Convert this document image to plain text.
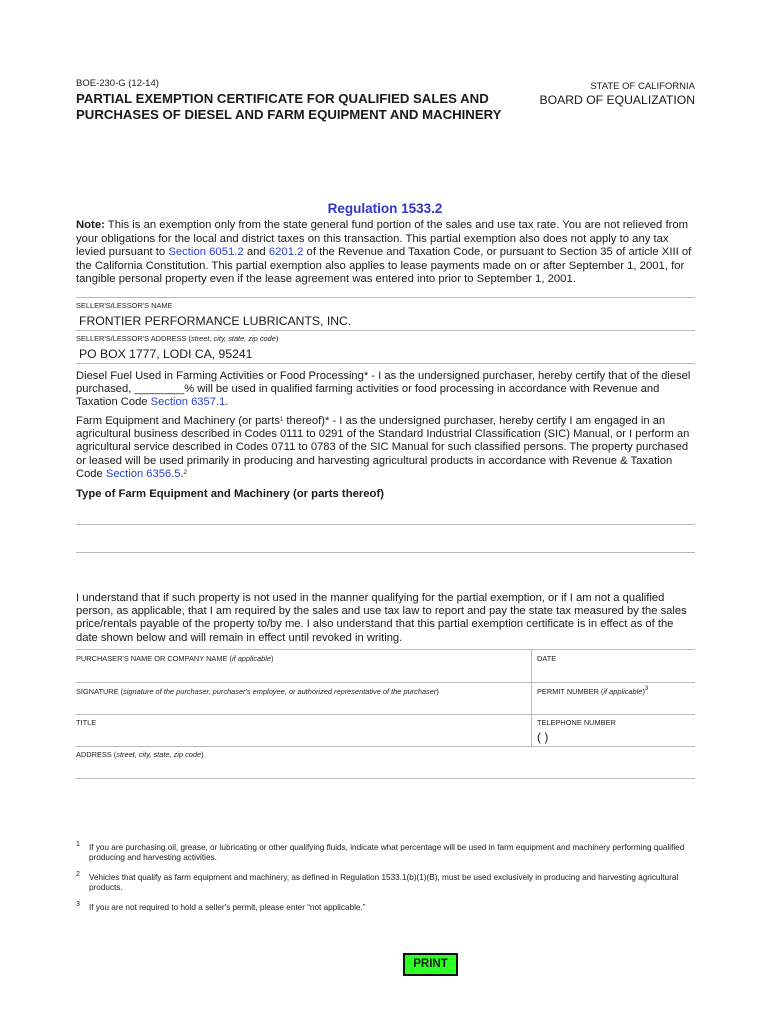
BOE-230-G (12-14)
PARTIAL EXEMPTION CERTIFICATE FOR QUALIFIED SALES AND
PURCHASES OF DIESEL AND FARM EQUIPMENT AND MACHINERY
STATE OF CALIFORNIA
BOARD OF EQUALIZATION
Regulation 1533.2
Note: This is an exemption only from the state general fund portion of the sales and use tax rate. You are not relieved from your obligations for the local and district taxes on this transaction. This partial exemption also does not apply to any tax levied pursuant to Section 6051.2 and 6201.2 of the Revenue and Taxation Code, or pursuant to Section 35 of article XIII of the California Constitution. This partial exemption also applies to lease payments made on or after September 1, 2001, for tangible personal property even if the lease agreement was entered into prior to September 1, 2001.
SELLER'S/LESSOR'S NAME
FRONTIER PERFORMANCE LUBRICANTS, INC.
SELLER'S/LESSOR'S ADDRESS (street, city, state, zip code)
PO BOX 1777, LODI CA, 95241
Diesel Fuel Used in Farming Activities or Food Processing* - I as the undersigned purchaser, hereby certify that of the diesel purchased, ________% will be used in qualified farming activities or food processing in accordance with Revenue and Taxation Code Section 6357.1.
Farm Equipment and Machinery (or parts$^1$ thereof)* - I as the undersigned purchaser, hereby certify I am engaged in an agricultural business described in Codes 0111 to 0291 of the Standard Industrial Classification (SIC) Manual, or I perform an agricultural service described in Codes 0711 to 0783 of the SIC Manual for such classified persons. The property purchased or leased will be used primarily in producing and harvesting agricultural products in accordance with Revenue & Taxation Code Section 6356.5.$^2$
Type of Farm Equipment and Machinery (or parts thereof)
I understand that if such property is not used in the manner qualifying for the partial exemption, or if I am not a qualified person, as applicable, that I am required by the sales and use tax law to report and pay the state tax measured by the sales price/rentals payable of the property to/by me. I also understand that this partial exemption certificate is in effect as of the date shown below and will remain in effect until revoked in writing.
PURCHASER'S NAME OR COMPANY NAME (if applicable)	DATE
SIGNATURE (signature of the purchaser, purchaser's employee, or authorized representative of the purchaser)	PERMIT NUMBER (if applicable)$^3$
TITLE	TELEPHONE NUMBER
( )
ADDRESS (street, city, state, zip code)
1 If you are purchasing oil, grease, or lubricating or other qualifying fluids, indicate what percentage will be used in farm equipment and machinery performing qualified producing and harvesting activities.
2 Vehicles that qualify as farm equipment and machinery, as defined in Regulation 1533.1(b)(1)(B), must be used exclusively in producing and harvesting agricultural products.
3 If you are not required to hold a seller's permit, please enter “not applicable.”
PRINT
